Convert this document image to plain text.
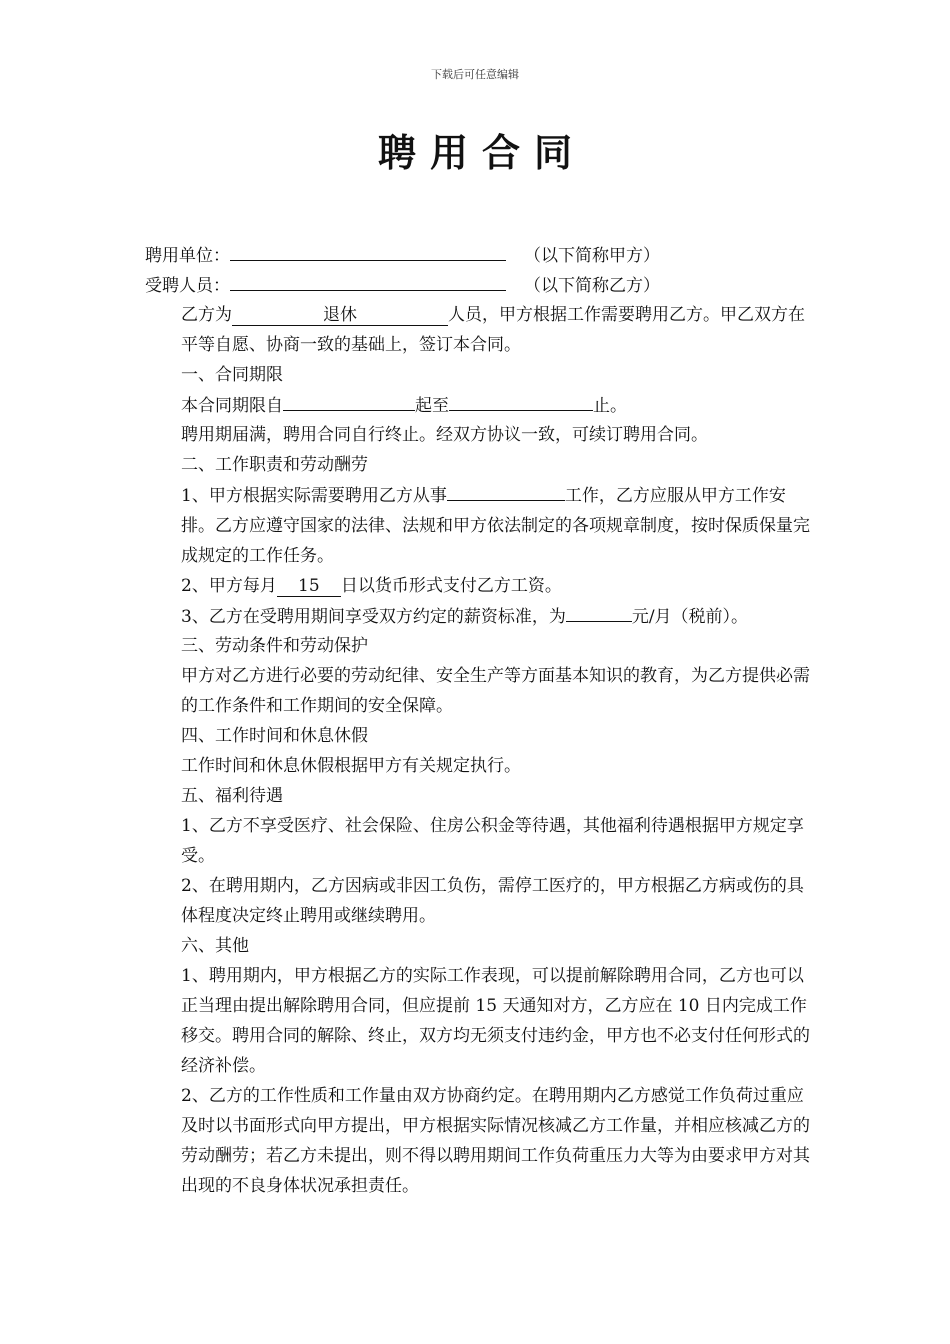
下载后可任意编辑
聘用合同

聘用单位：	（以下简称甲方）

受聘人员：	（以下简称乙方）

乙方为	退休	人员，甲方根据工作需要聘用乙方。甲乙双方在平等自愿、协商一致的基础上，签订本合同。

一、合同期限

本合同期限自	起至	止。

聘用期届满，聘用合同自行终止。经双方协议一致，可续订聘用合同。

二、工作职责和劳动酬劳

1、甲方根据实际需要聘用乙方从事	工作，乙方应服从甲方工作安排。乙方应遵守国家的法律、法规和甲方依法制定的各项规章制度，按时保质保量完成规定的工作任务。

2、甲方每月 15 日以货币形式支付乙方工资。

3、乙方在受聘用期间享受双方约定的薪资标准，为	元/月（税前）。

三、劳动条件和劳动保护

甲方对乙方进行必要的劳动纪律、安全生产等方面基本知识的教育，为乙方提供必需的工作条件和工作期间的安全保障。

四、工作时间和休息休假

工作时间和休息休假根据甲方有关规定执行。

五、福利待遇

1、乙方不享受医疗、社会保险、住房公积金等待遇，其他福利待遇根据甲方规定享受。

2、在聘用期内，乙方因病或非因工负伤，需停工医疗的，甲方根据乙方病或伤的具体程度决定终止聘用或继续聘用。

六、其他

1、聘用期内，甲方根据乙方的实际工作表现，可以提前解除聘用合同，乙方也可以正当理由提出解除聘用合同，但应提前 15 天通知对方，乙方应在 10 日内完成工作移交。聘用合同的解除、终止，双方均无须支付违约金，甲方也不必支付任何形式的经济补偿。

2、乙方的工作性质和工作量由双方协商约定。在聘用期内乙方感觉工作负荷过重应及时以书面形式向甲方提出，甲方根据实际情况核减乙方工作量，并相应核减乙方的劳动酬劳；若乙方未提出，则不得以聘用期间工作负荷重压力大等为由要求甲方对其出现的不良身体状况承担责任。
